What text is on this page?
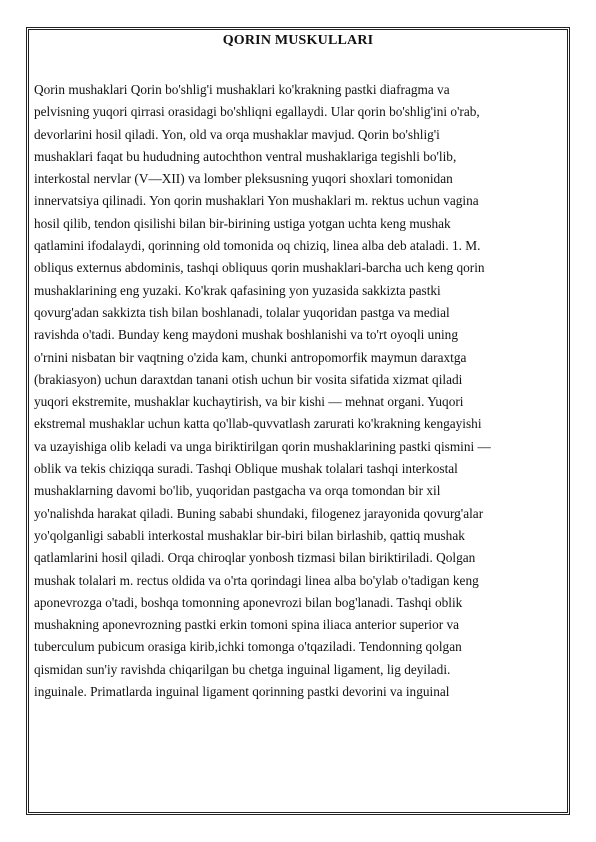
QORIN MUSKULLARI
Qorin mushaklari Qorin bo'shlig'i mushaklari ko'krakning pastki diafragma va
pelvisning yuqori qirrasi orasidagi bo'shliqni egallaydi. Ular qorin bo'shlig'ini o'rab,
devorlarini hosil qiladi. Yon, old va orqa mushaklar mavjud. Qorin bo'shlig'i
mushaklari faqat bu hududning autochthon ventral mushaklariga tegishli bo'lib,
interkostal nervlar (V—XII) va lomber pleksusning yuqori shoxlari tomonidan
innervatsiya qilinadi. Yon qorin mushaklari Yon mushaklari m. rektus uchun vagina
hosil qilib, tendon qisilishi bilan bir-birining ustiga yotgan uchta keng mushak
qatlamini ifodalaydi, qorinning old tomonida oq chiziq, linea alba deb ataladi. 1. M.
obliqus externus abdominis, tashqi obliquus qorin mushaklari-barcha uch keng qorin
mushaklarining eng yuzaki. Ko'krak qafasining yon yuzasida sakkizta pastki
qovurg'adan sakkizta tish bilan boshlanadi, tolalar yuqoridan pastga va medial
ravishda o'tadi. Bunday keng maydoni mushak boshlanishi va to'rt oyoqli uning
o'rnini nisbatan bir vaqtning o'zida kam, chunki antropomorfik maymun daraxtga
(brakiasyon) uchun daraxtdan tanani otish uchun bir vosita sifatida xizmat qiladi
yuqori ekstremite, mushaklar kuchaytirish, va bir kishi — mehnat organi. Yuqori
ekstremal mushaklar uchun katta qo'llab-quvvatlash zarurati ko'krakning kengayishi
va uzayishiga olib keladi va unga biriktirilgan qorin mushaklarining pastki qismini —
oblik va tekis chiziqqa suradi. Tashqi Oblique mushak tolalari tashqi interkostal
mushaklarning davomi bo'lib, yuqoridan pastgacha va orqa tomondan bir xil
yo'nalishda harakat qiladi. Buning sababi shundaki, filogenez jarayonida qovurg'alar
yo'qolganligi sababli interkostal mushaklar bir-biri bilan birlashib, qattiq mushak
qatlamlarini hosil qiladi. Orqa chiroqlar yonbosh tizmasi bilan biriktiriladi. Qolgan
mushak tolalari m. rectus oldida va o'rta qorindagi linea alba bo'ylab o'tadigan keng
aponevrozga o'tadi, boshqa tomonning aponevrozi bilan bog'lanadi. Tashqi oblik
mushakning aponevrozning pastki erkin tomoni spina iliaca anterior superior va
tuberculum pubicum orasiga kirib,ichki tomonga o'tqaziladi. Tendonning qolgan
qismidan sun'iy ravishda chiqarilgan bu chetga inguinal ligament, lig deyiladi.
inguinale. Primatlarda inguinal ligament qorinning pastki devorini va inguinal
